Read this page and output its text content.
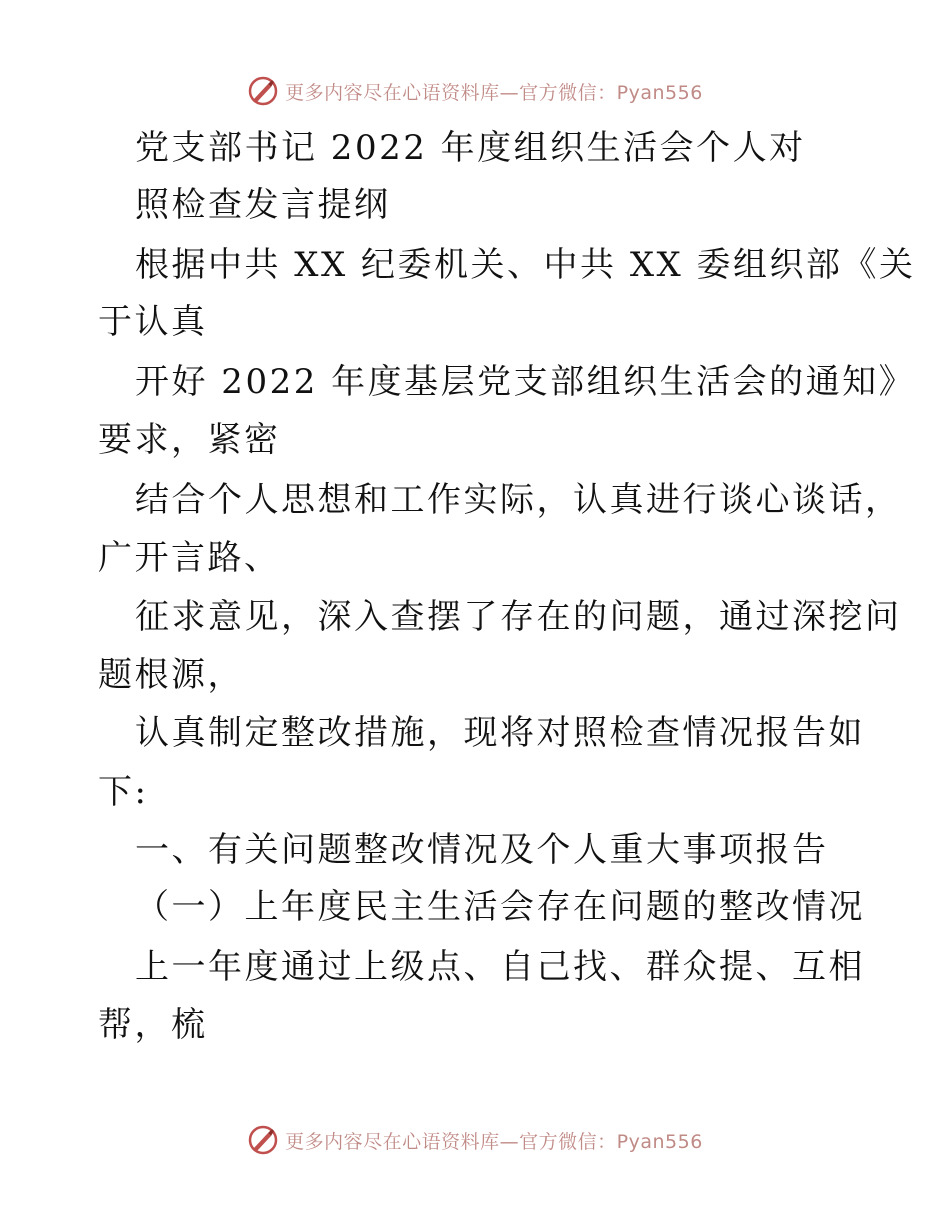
更多内容尽在心语资料库—官方微信：Pyan556
党支部书记 2022 年度组织生活会个人对
照检查发言提纲
根据中共 XX 纪委机关、中共 XX 委组织部《关
于认真
开好 2022 年度基层党支部组织生活会的通知》
要求，紧密
结合个人思想和工作实际，认真进行谈心谈话，
广开言路、
征求意见，深入查摆了存在的问题，通过深挖问
题根源，
认真制定整改措施，现将对照检查情况报告如
下:
一、有关问题整改情况及个人重大事项报告
（一）上年度民主生活会存在问题的整改情况
上一年度通过上级点、自己找、群众提、互相
帮，梳
更多内容尽在心语资料库—官方微信：Pyan556
